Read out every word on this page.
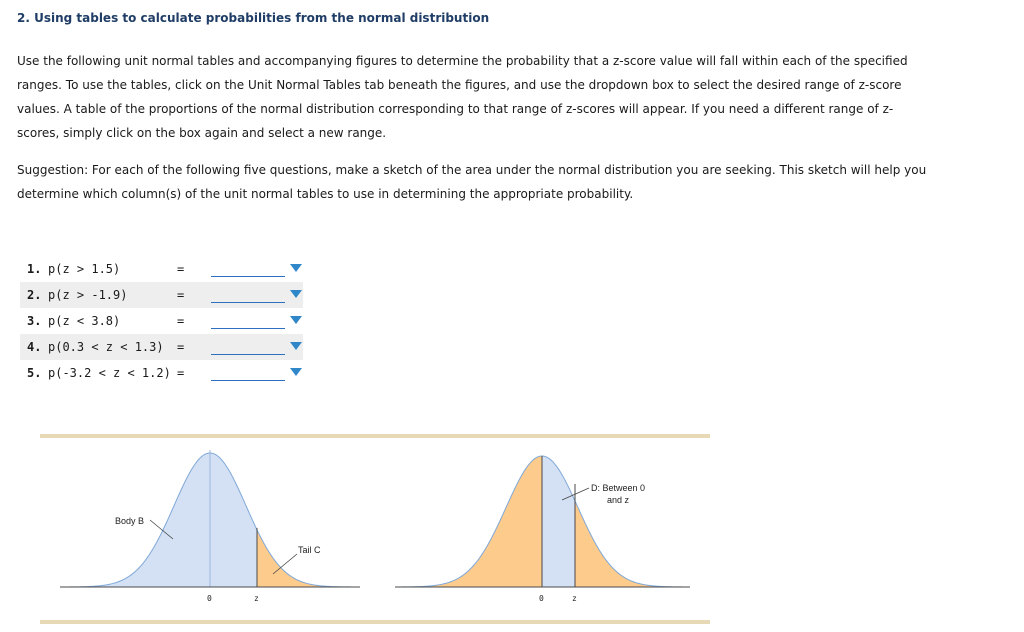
2. Using tables to calculate probabilities from the normal distribution

Use the following unit normal tables and accompanying figures to determine the probability that a z-score value will fall within each of the specified ranges. To use the tables, click on the Unit Normal Tables tab beneath the figures, and use the dropdown box to select the desired range of z-score values. A table of the proportions of the normal distribution corresponding to that range of z-scores will appear. If you need a different range of z-scores, simply click on the box again and select a new range.

Suggestion: For each of the following five questions, make a sketch of the area under the normal distribution you are seeking. This sketch will help you determine which column(s) of the unit normal tables to use in determining the appropriate probability.

1. p(z > 1.5)	=
2. p(z > -1.9)	=
3. p(z < 3.8)	=
4. p(0.3 < z < 1.3) =
5. p(-3.2 < z < 1.2) =
Body B
Tail C
0	z
D: Between 0
and z
0	z
